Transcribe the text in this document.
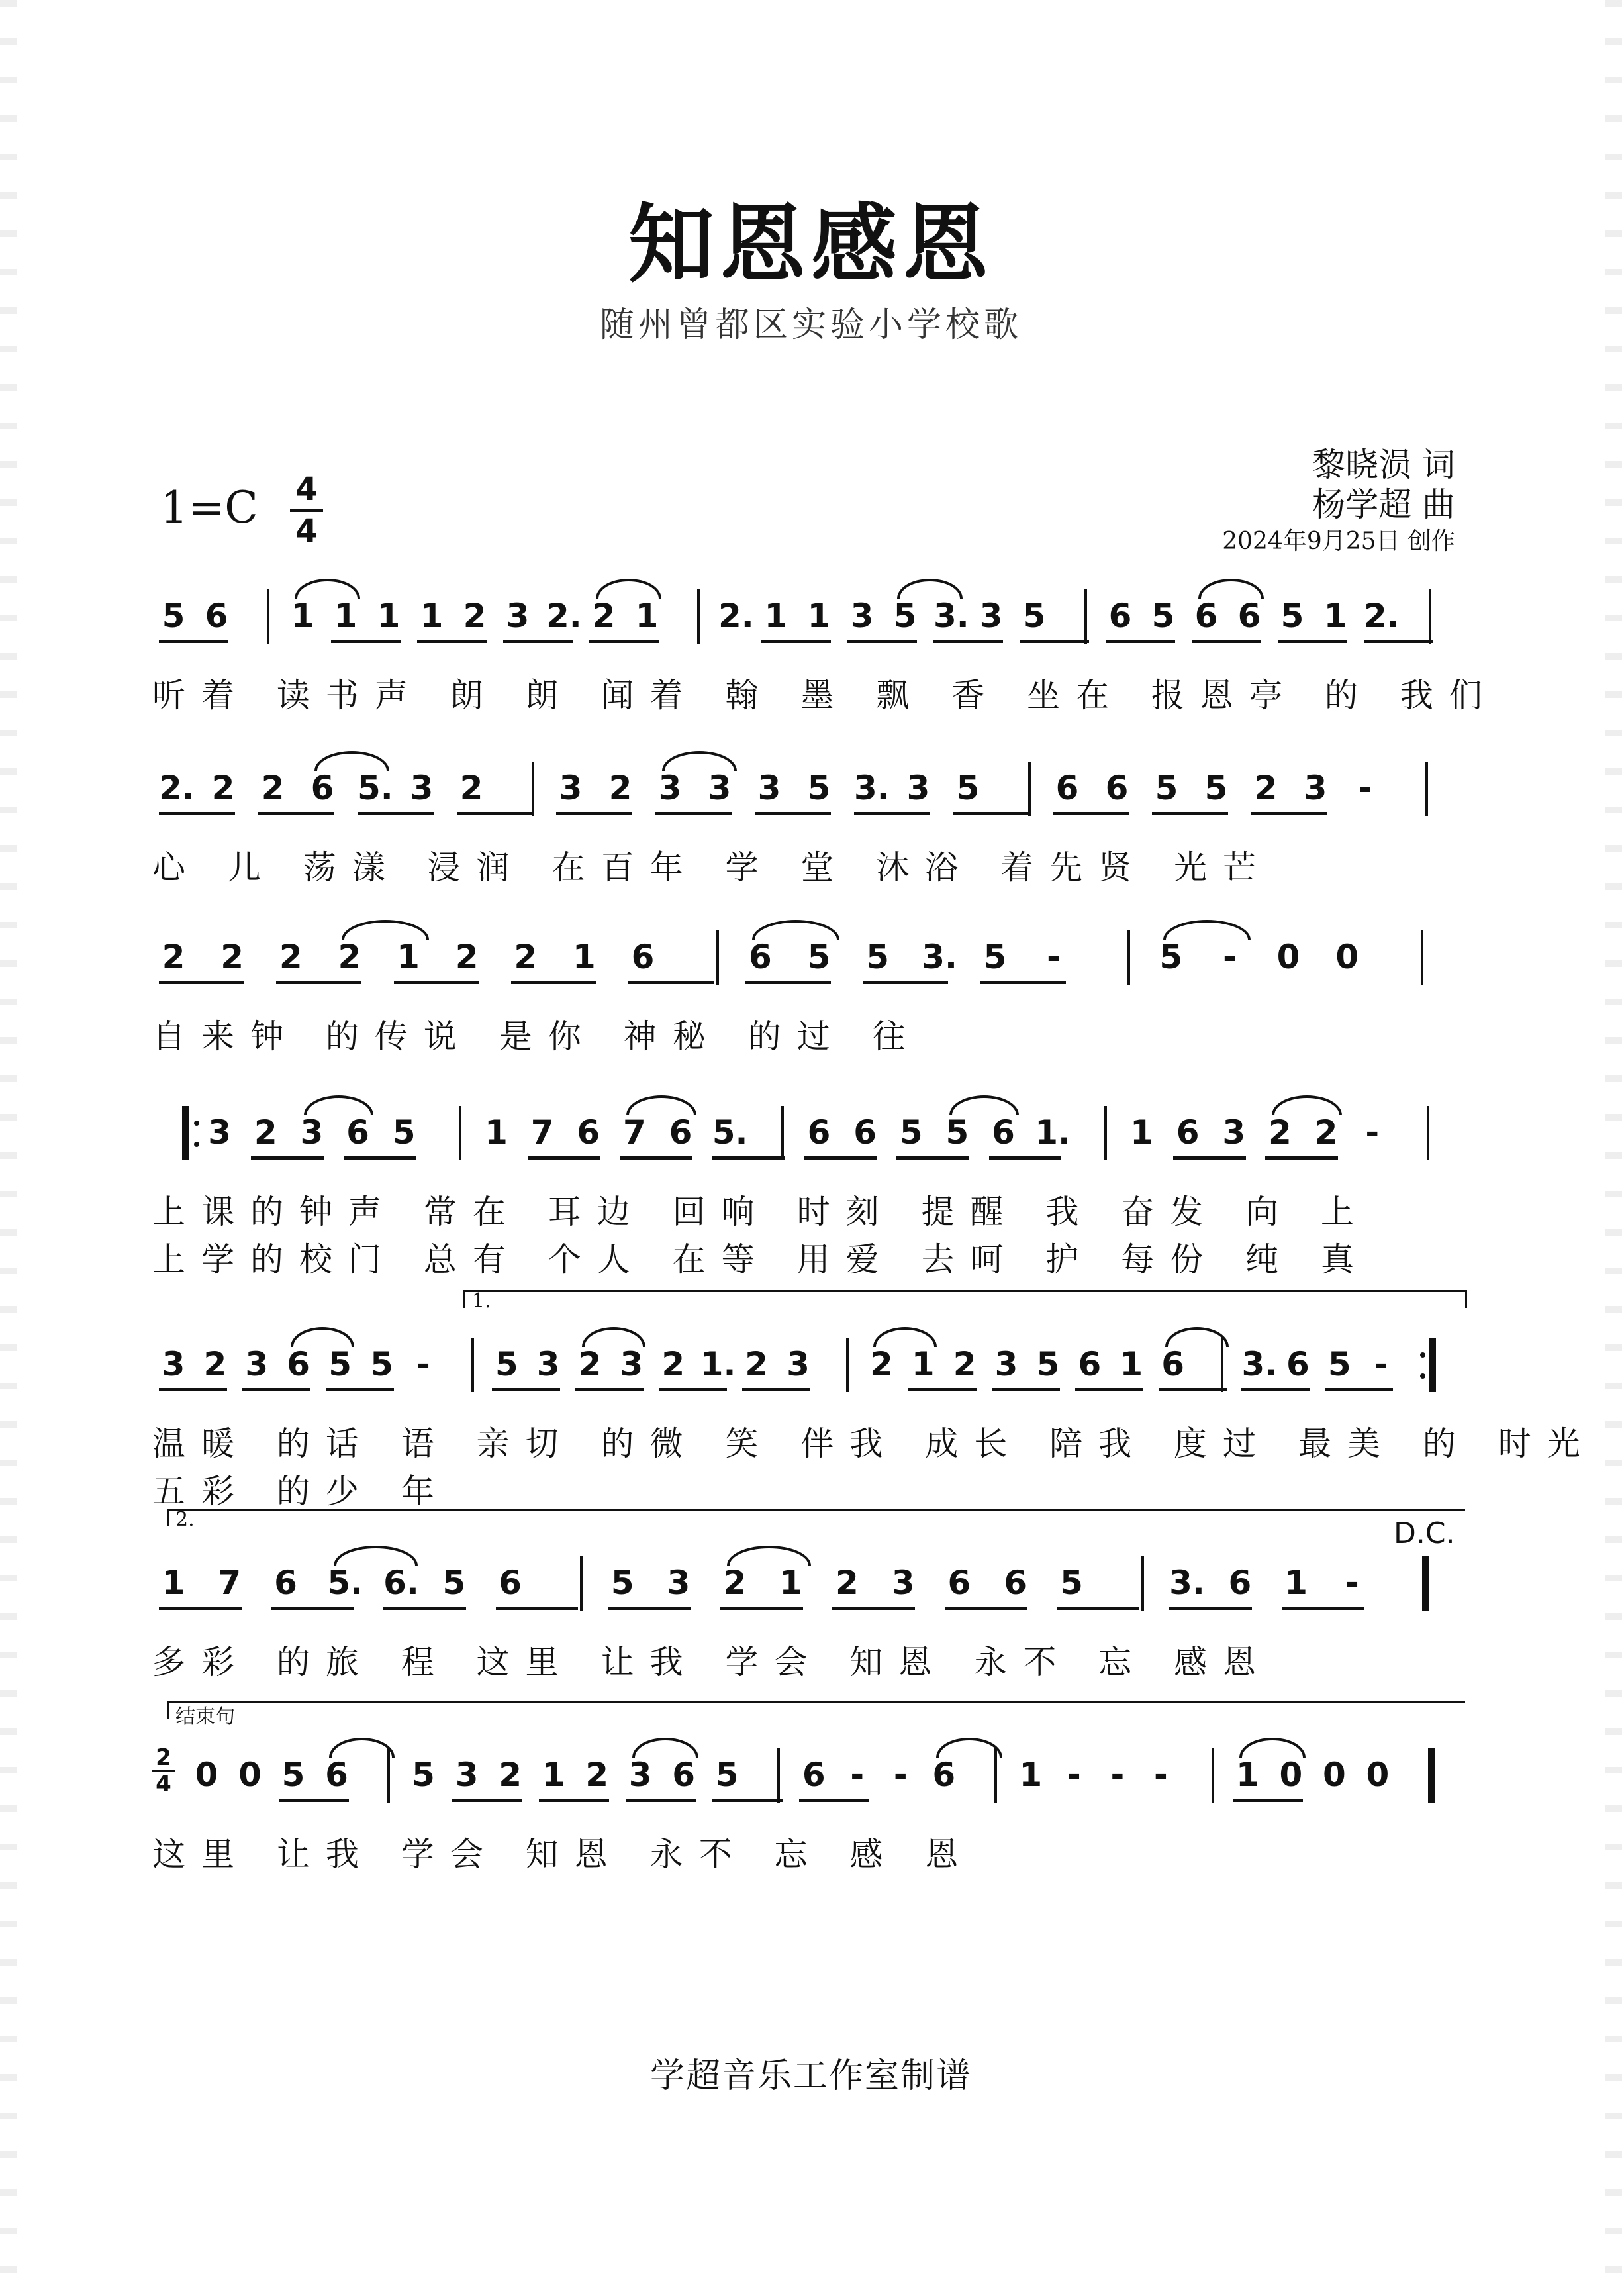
知恩感恩
随州曾都区实验小学校歌
1=C 4
4
黎晓涢 词
杨学超 曲
2024年9月25日 创作
5 6 1 1 1 1 2 3 2. 2 1 2. 1 1 3 5 3. 3 5 6 5 6 6 5 1 2.
听着 读书声 朗 朗 闻着 翰 墨 飘 香 坐在 报恩亭 的 我们
2. 2 2 6 5. 3 2 3 2 3 3 3 5 3. 3 5 6 6 5 5 2 3 -
心 儿 荡漾 浸润 在百年 学 堂 沐浴 着先贤 光芒
2 2 2 2 1 2 2 1 6	6 5 5 3. 5 -	5 - 0 0
自来钟 的传说 是你 神秘 的过 往
3 2 3 6 5 1 7 6 7 6 5. 6 6 5 5 6 1. 1 6 3 2 2 -
上课的钟声 常在 耳边 回响 时刻 提醒 我 奋发 向 上
上学的校门 总有 个人 在等 用爱 去呵 护 每份 纯 真
1.
3 2 3 6 5 5 - 5 3 2 3 2 1. 2 3 2 1 2 3 5 6 1 6 3. 6 5 -
温暖 的话 语 亲切 的微 笑 伴我 成长 陪我 度过 最美 的 时光
五彩 的少 年
2.	D.C.
1 7 6 5. 6. 5 6	5 3 2 1 2 3 6 6 5	3. 6 1 -
多彩 的旅 程 这里 让我 学会 知恩 永不 忘 感恩
结束句
2
4 0 0 5 6 5 3 2 1 2 3 6 5 6 - - 6 1 - - - 1 0 0 0
这里 让我 学会 知恩 永不 忘 感 恩
学超音乐工作室制谱
